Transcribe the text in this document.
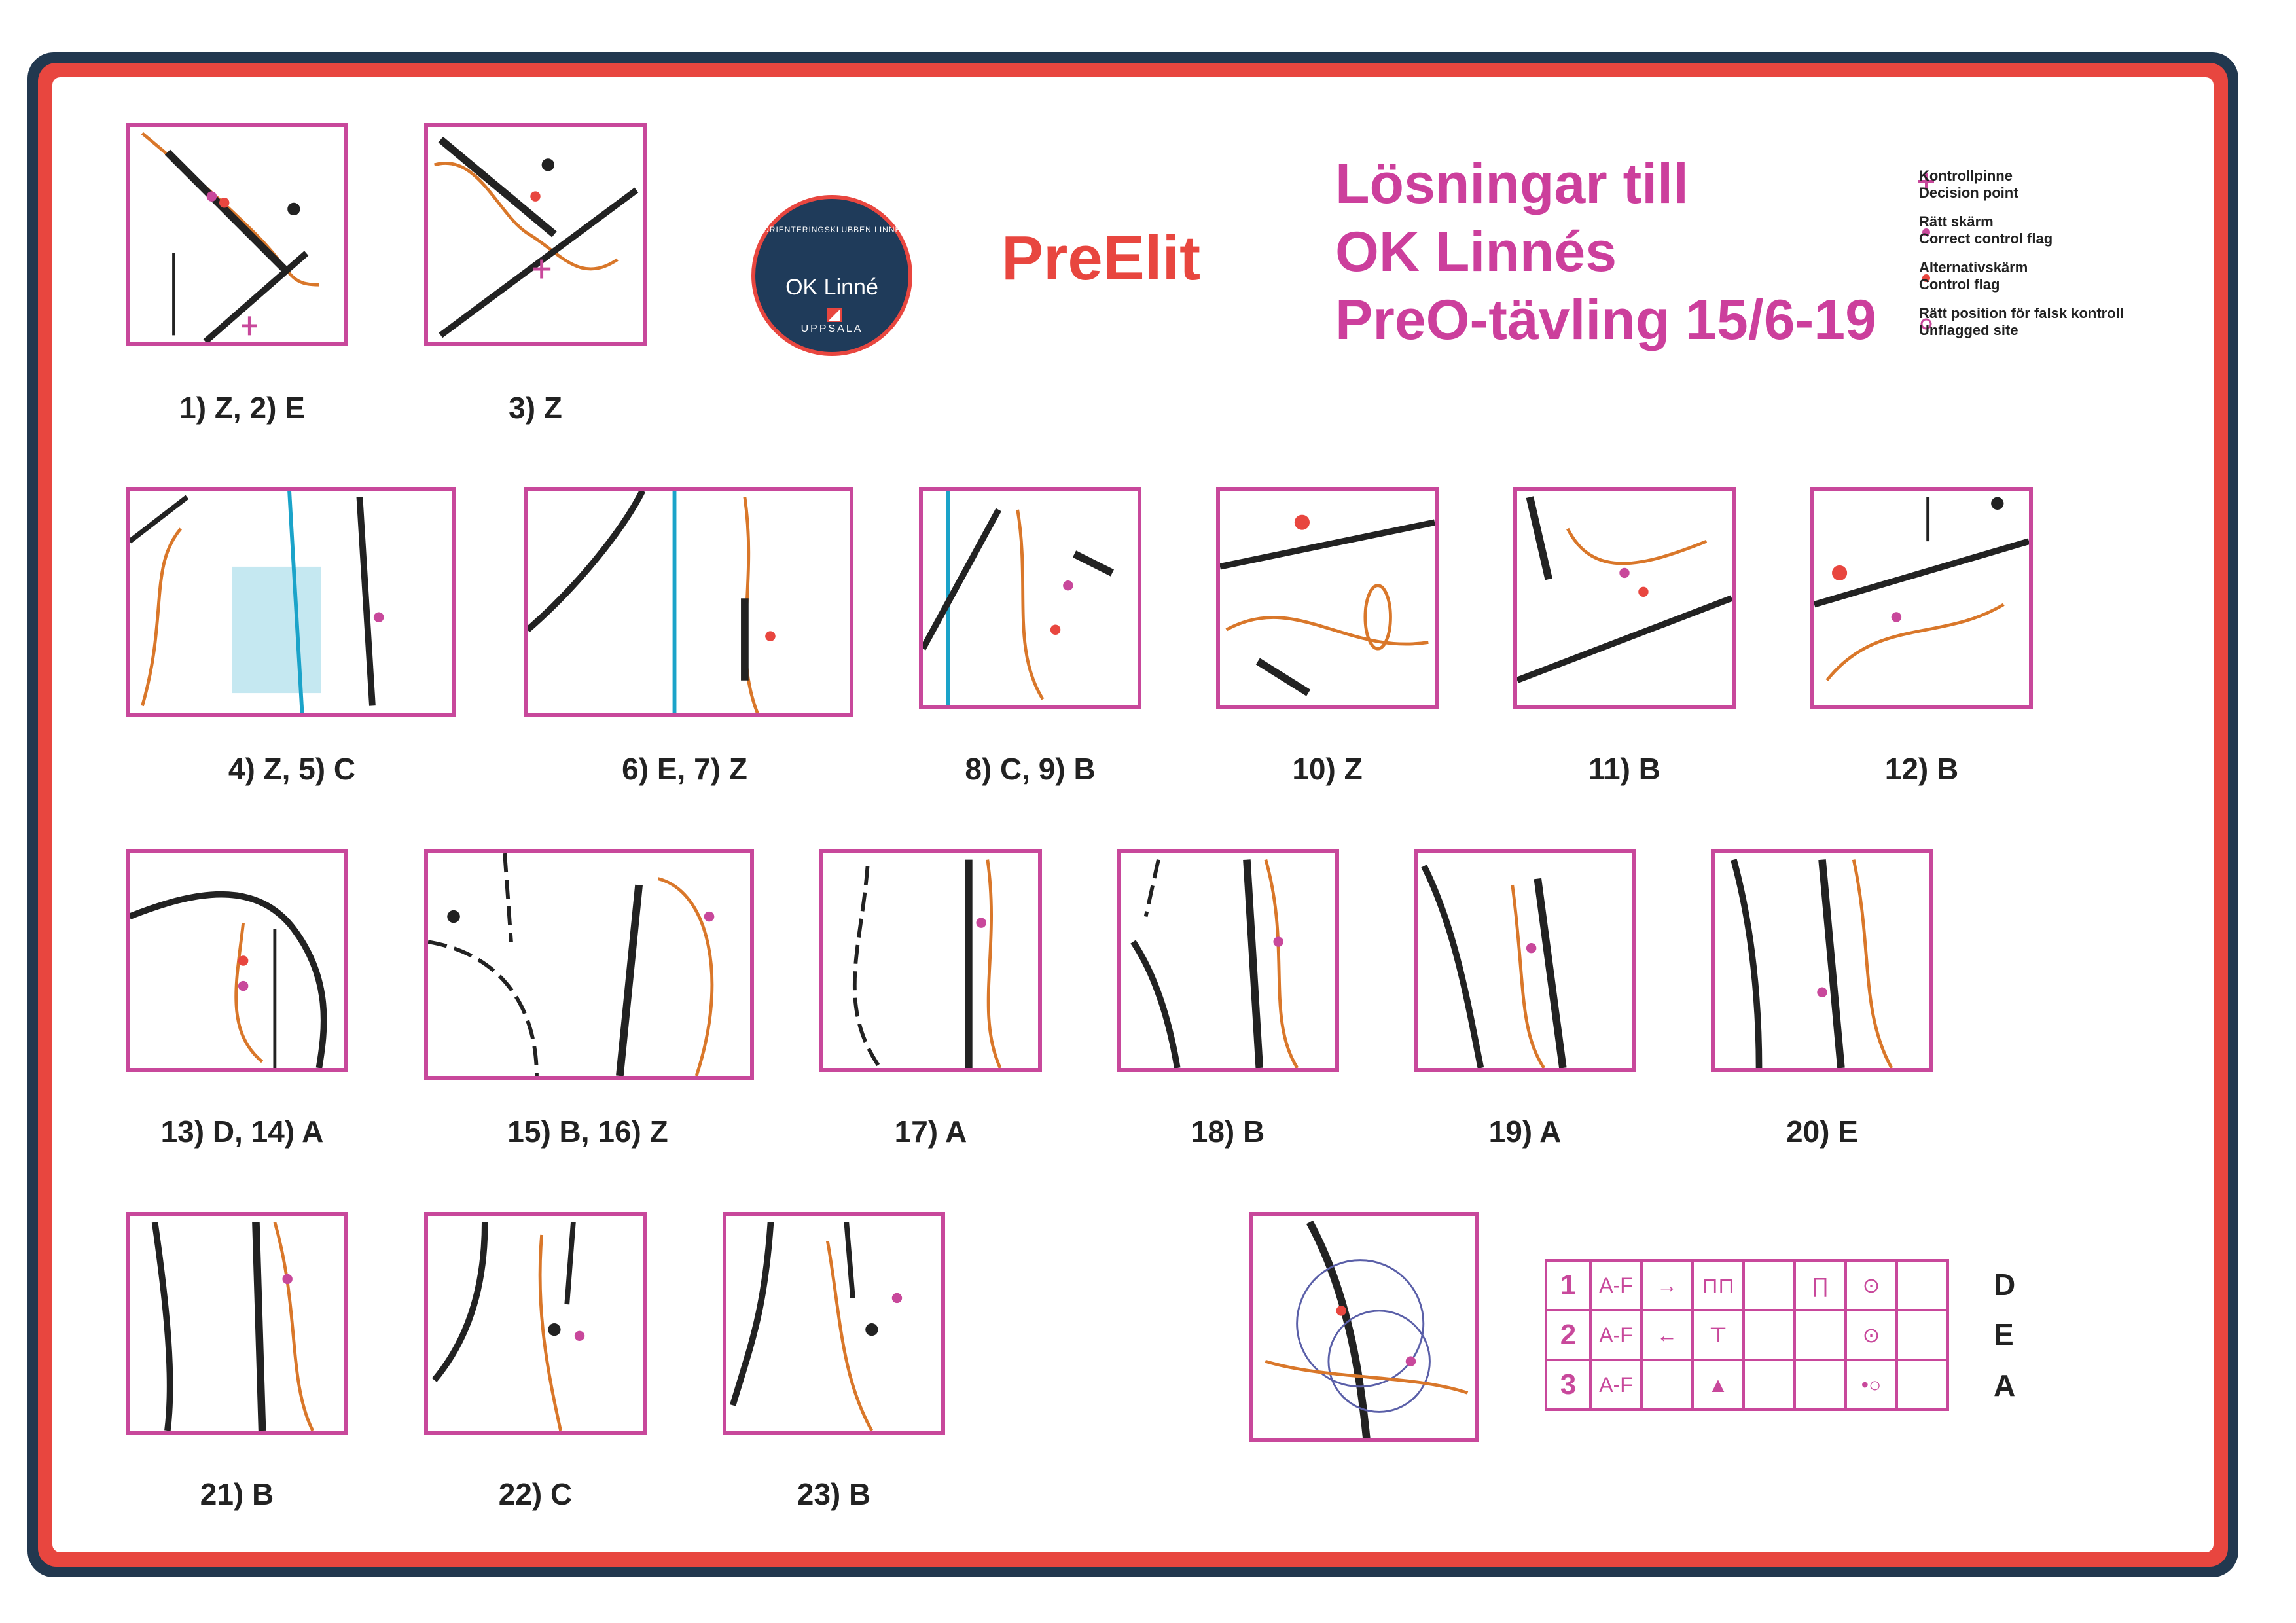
ORIENTERINGSKLUBBEN LINNÉ
OK Linné
UPPSALA
PreElit
Lösningar till
OK Linnés
PreO-tävling 15/6-19
Kontrollpinne
Decision point
Rätt skärm
Correct control flag
Alternativskärm
Control flag
Rätt position för falsk kontroll
Unflagged site
1) Z, 2) E	3) Z
4) Z, 5) C	6) E, 7) Z	8) C, 9) B	10) Z	11) B	12) B
13) D, 14) A	15) B, 16) Z	17) A	18) B	19) A	20) E
21) B	22) C	23) B
1	A-F	→	⊓⊓		∏	⊙	
2	A-F	←	⊤			⊙	
3	A-F		▲			•○	
D
E
A
